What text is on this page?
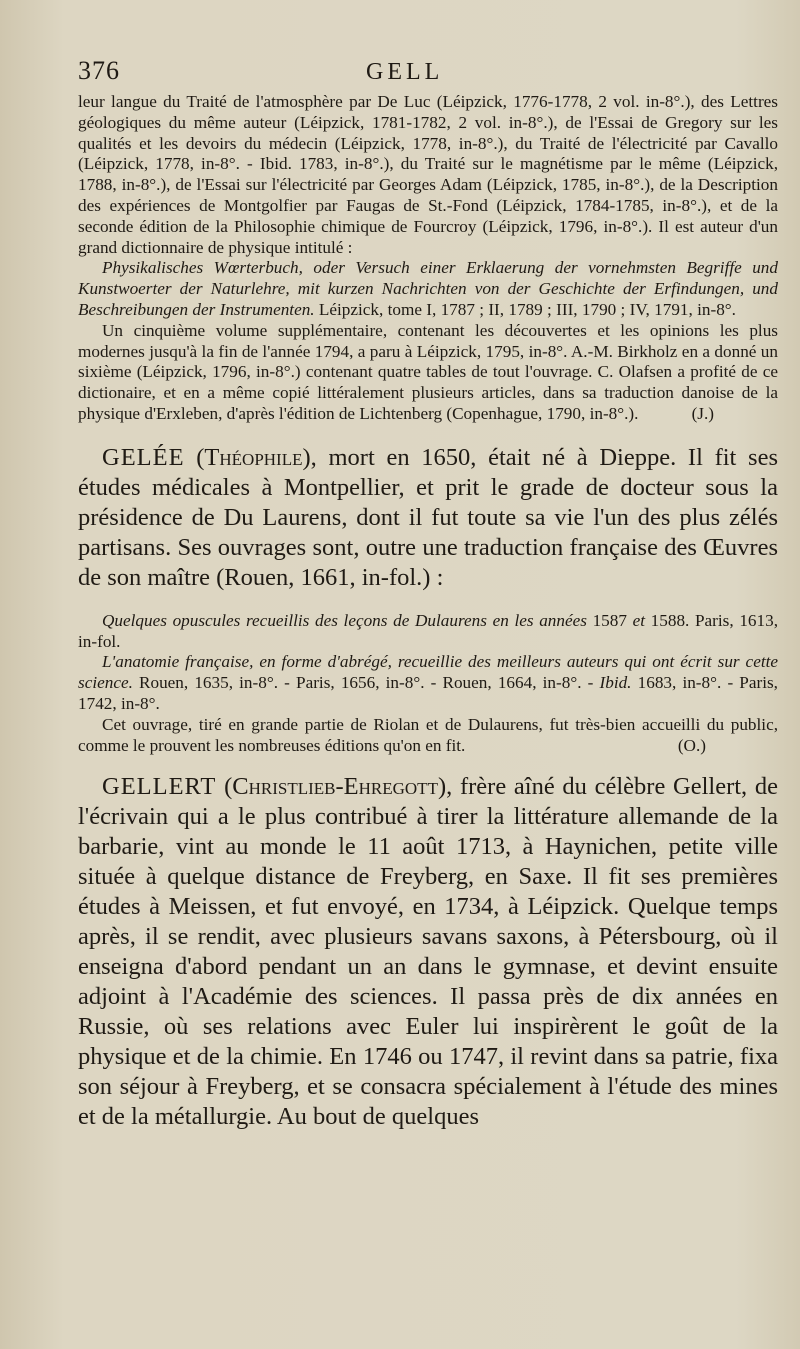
376	GELL

leur langue du Traité de l'atmosphère par De Luc (Léipzick, 1776-1778, 2 vol. in-8°.), des Lettres géologiques du même auteur (Léipzick, 1781-1782, 2 vol. in-8°.), de l'Essai de Gregory sur les qualités et les devoirs du médecin (Léipzick, 1778, in-8°.), du Traité de l'électricité par Cavallo (Léipzick, 1778, in-8°. - Ibid. 1783, in-8°.), du Traité sur le magnétisme par le même (Léipzick, 1788, in-8°.), de l'Essai sur l'électricité par Georges Adam (Léipzick, 1785, in-8°.), de la Description des expériences de Montgolfier par Faugas de St.-Fond (Léipzick, 1784-1785, in-8°.), et de la seconde édition de la Philosophie chimique de Fourcroy (Léipzick, 1796, in-8°.). Il est auteur d'un grand dictionnaire de physique intitulé :

Physikalisches Wœrterbuch, oder Versuch einer Erklaerung der vornehmsten Begriffe und Kunstwoerter der Naturlehre, mit kurzen Nachrichten von der Geschichte der Erfindungen, und Beschreibungen der Instrumenten. Léipzick, tome I, 1787 ; II, 1789 ; III, 1790 ; IV, 1791, in-8°.

Un cinquième volume supplémentaire, contenant les découvertes et les opinions les plus modernes jusqu'à la fin de l'année 1794, a paru à Léipzick, 1795, in-8°. A.-M. Birkholz en a donné un sixième (Léipzick, 1796, in-8°.) contenant quatre tables de tout l'ouvrage. C. Olafsen a profité de ce dictionaire, et en a même copié littéralement plusieurs articles, dans sa traduction danoise de la physique d'Erxleben, d'après l'édition de Lichtenberg (Copenhague, 1790, in-8°.).	(J.)

GELÉE (Théophile), mort en 1650, était né à Dieppe. Il fit ses études médicales à Montpellier, et prit le grade de docteur sous la présidence de Du Laurens, dont il fut toute sa vie l'un des plus zélés partisans. Ses ouvrages sont, outre une traduction française des Œuvres de son maître (Rouen, 1661, in-fol.) :

Quelques opuscules recueillis des leçons de Dulaurens en les années 1587 et 1588. Paris, 1613, in-fol.

L'anatomie française, en forme d'abrégé, recueillie des meilleurs auteurs qui ont écrit sur cette science. Rouen, 1635, in-8°. - Paris, 1656, in-8°. - Rouen, 1664, in-8°. - Ibid. 1683, in-8°. - Paris, 1742, in-8°.

Cet ouvrage, tiré en grande partie de Riolan et de Dulaurens, fut très-bien accueilli du public, comme le prouvent les nombreuses éditions qu'on en fit.	(O.)

GELLERT (Christlieb-Ehregott), frère aîné du célèbre Gellert, de l'écrivain qui a le plus contribué à tirer la littérature allemande de la barbarie, vint au monde le 11 août 1713, à Haynichen, petite ville située à quelque distance de Freyberg, en Saxe. Il fit ses premières études à Meissen, et fut envoyé, en 1734, à Léipzick. Quelque temps après, il se rendit, avec plusieurs savans saxons, à Pétersbourg, où il enseigna d'abord pendant un an dans le gymnase, et devint ensuite adjoint à l'Académie des sciences. Il passa près de dix années en Russie, où ses relations avec Euler lui inspirèrent le goût de la physique et de la chimie. En 1746 ou 1747, il revint dans sa patrie, fixa son séjour à Freyberg, et se consacra spécialement à l'étude des mines et de la métallurgie. Au bout de quelques
